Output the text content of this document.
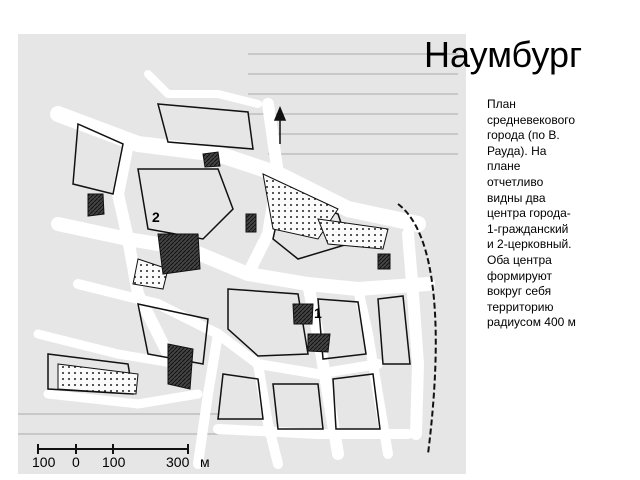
1
2
100 0 100	300 м
Наумбург
План
средневекового
города (по В.
Рауда). На
плане
отчетливо
видны два
центра города-
1-гражданский
и 2-церковный.
Оба центра
формируют
вокруг себя
территорию
радиусом 400 м
